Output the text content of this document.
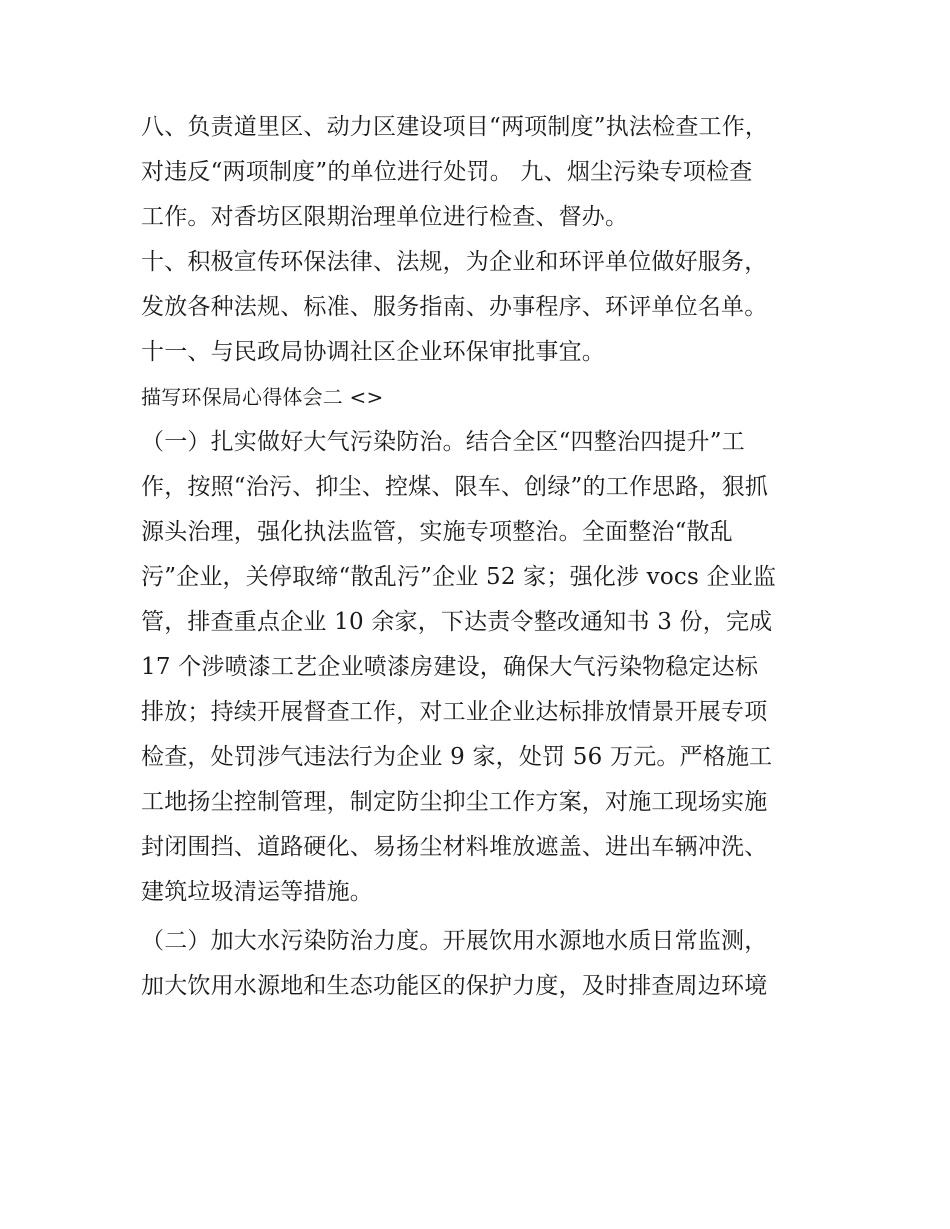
八、负责道里区、动力区建设项目“两项制度”执法检查工作，
对违反“两项制度”的单位进行处罚。 九、烟尘污染专项检查
工作。对香坊区限期治理单位进行检查、督办。
十、积极宣传环保法律、法规，为企业和环评单位做好服务，
发放各种法规、标准、服务指南、办事程序、环评单位名单。
十一、与民政局协调社区企业环保审批事宜。
描写环保局心得体会二 <>
（一）扎实做好大气污染防治。结合全区“四整治四提升”工
作，按照“治污、抑尘、控煤、限车、创绿”的工作思路，狠抓
源头治理，强化执法监管，实施专项整治。全面整治“散乱
污”企业，关停取缔“散乱污”企业 52 家；强化涉 vocs 企业监
管，排查重点企业 10 余家，下达责令整改通知书 3 份，完成
17 个涉喷漆工艺企业喷漆房建设，确保大气污染物稳定达标
排放；持续开展督查工作，对工业企业达标排放情景开展专项
检查，处罚涉气违法行为企业 9 家，处罚 56 万元。严格施工
工地扬尘控制管理，制定防尘抑尘工作方案，对施工现场实施
封闭围挡、道路硬化、易扬尘材料堆放遮盖、进出车辆冲洗、
建筑垃圾清运等措施。
（二）加大水污染防治力度。开展饮用水源地水质日常监测，
加大饮用水源地和生态功能区的保护力度，及时排查周边环境
